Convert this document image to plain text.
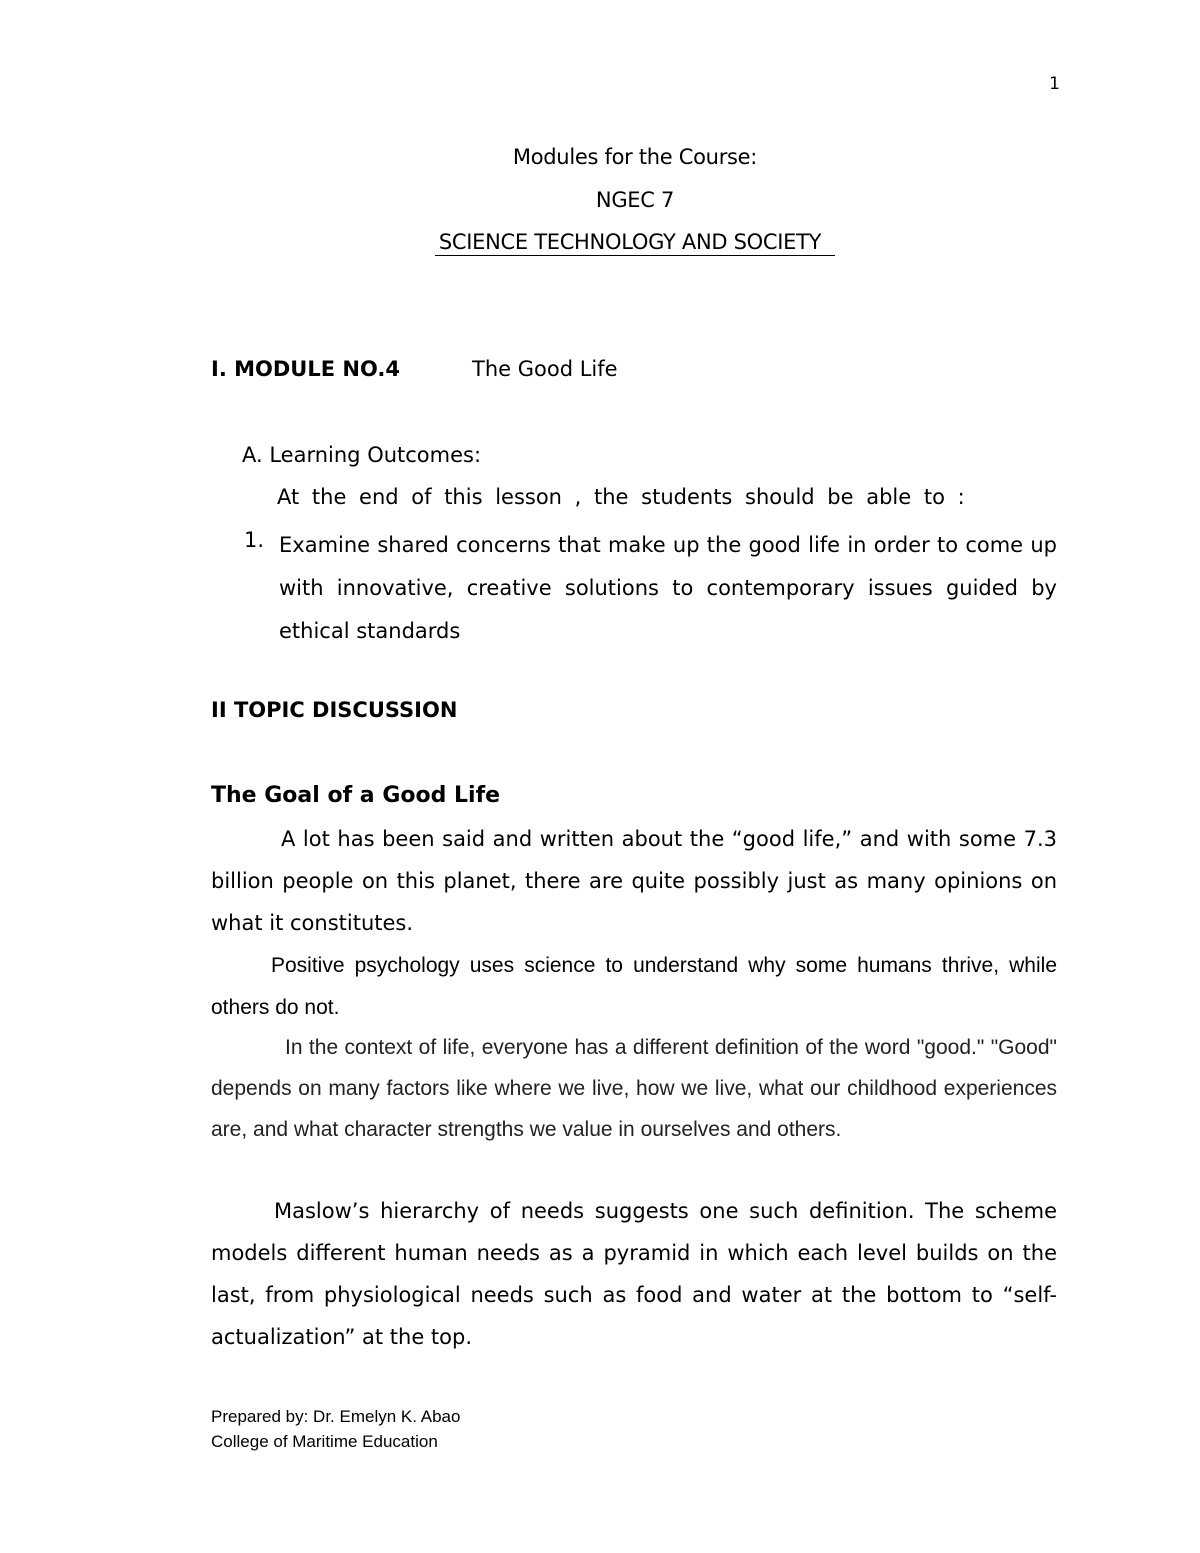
1
Modules for the Course:
NGEC 7
SCIENCE TECHNOLOGY AND SOCIETY
I. MODULE NO.4	The Good Life
A. Learning Outcomes:
At the end of this lesson , the students should be able to :
1. Examine shared concerns that make up the good life in order to come up with innovative, creative solutions to contemporary issues guided by ethical standards
II TOPIC DISCUSSION
The Goal of a Good Life

A lot has been said and written about the “good life,” and with some 7.3 billion people on this planet, there are quite possibly just as many opinions on what it constitutes.

Positive psychology uses science to understand why some humans thrive, while others do not.

In the context of life, everyone has a different definition of the word "good." "Good" depends on many factors like where we live, how we live, what our childhood experiences are, and what character strengths we value in ourselves and others.

Maslow’s hierarchy of needs suggests one such definition. The scheme models different human needs as a pyramid in which each level builds on the last, from physiological needs such as food and water at the bottom to “self-actualization” at the top.

Prepared by: Dr. Emelyn K. Abao
College of Maritime Education
